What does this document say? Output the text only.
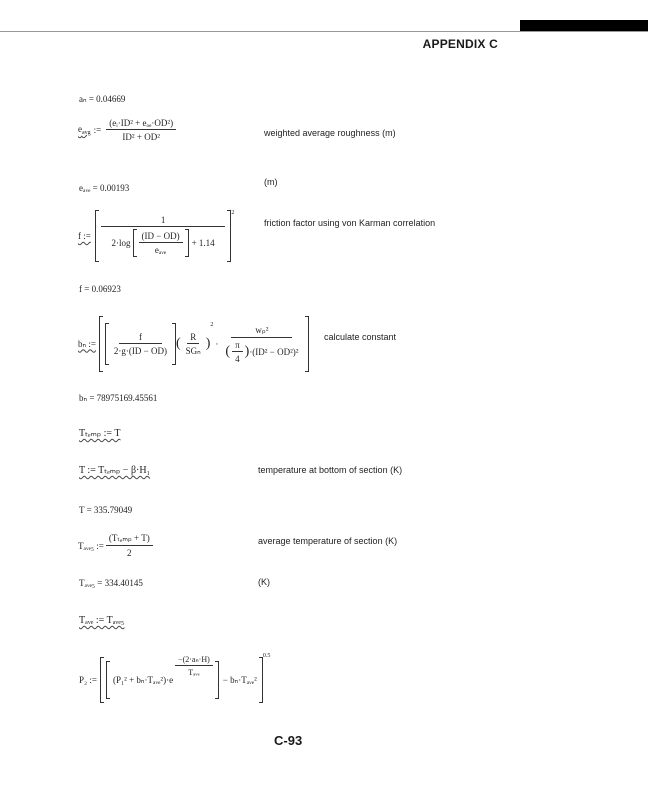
APPENDIX C
aₙ = 0.04669
$e_{avg}$ := $\frac{\text{(eᵢ·ID² + eₒₑ·OD²)}}{\text{ID² + OD²}}$	weighted average roughness (m)
eₐᵥₑ = 0.00193
(m)
f :=
1
$2\cdot\log \frac{(ID - OD)}{\text{eₐᵥₑ}} + 1.14$
2
friction factor using von Karman correlation
f = 0.06923
bₙ := $\frac{f}{2\cdot g\cdot(ID - OD)}$ ( $\frac{R}{\text{SGₙ}}$ )
2
·
wₚ²
( $\frac{\pi}{4}$ ) ·(ID² − OD²)²
calculate constant
bₙ = 78975169.45561
Tₜₑₘₚ := T
T := Tₜₑₘₚ − β·H₁	temperature at bottom of section (K)
T = 335.79049
Tₐᵥₑ₅ := $\frac{\text{(Tₜₑₘₚ + T)}}{2}$	average temperature of section (K)
Tₐᵥₑ₅ = 334.40145	(K)
Tₐᵥₑ := Tₐᵥₑ₅
P₂ := (P₁² + bₙ·Tₐᵥₑ²)·e
$\frac{\text{−(2·aₙ·H)}}{\text{Tₐᵥₑ}}$
− bₙ·Tₐᵥₑ²
0.5
C-93
